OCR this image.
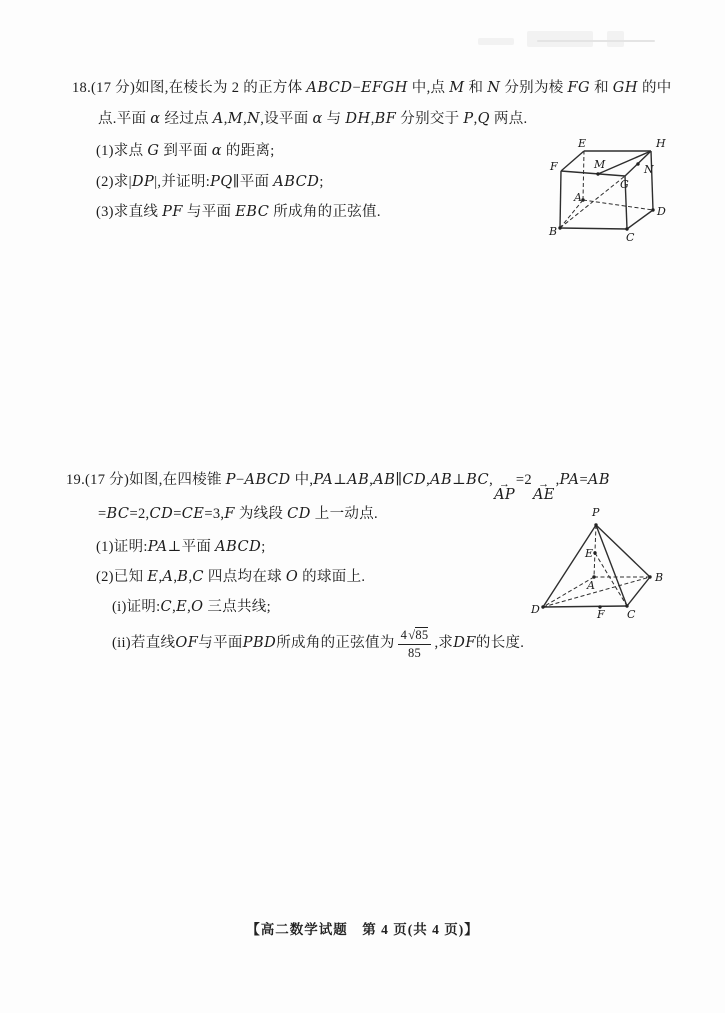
18.(17 分)如图,在棱长为 2 的正方体 ABCD−EFGH 中,点 M 和 N 分别为棱 FG 和 GH 的中
点.平面 α 经过点 A,M,N,设平面 α 与 DH,BF 分别交于 P,Q 两点.
(1)求点 G 到平面 α 的距离;
(2)求|DP|,并证明:PQ∥平面 ABCD;
(3)求直线 PF 与平面 EBC 所成角的正弦值.
E	H
F
G
M	N
A
B	C
D
19.(17 分)如图,在四棱锥 P−ABCD 中,PA⊥AB,AB∥CD,AB⊥BC, →
AP
=2 →
AE
,PA=AB
=BC=2,CD=CE=3,F 为线段 CD 上一动点.
(1)证明:PA⊥平面 ABCD;
(2)已知 E,A,B,C 四点均在球 O 的球面上.
(i)证明:C,E,O 三点共线;
(ii)若直线 OF 与平面 PBD 所成角的正弦值为 $\frac{4√85}{85}$ ,求 DF 的长度.
P
E
A
B
C
D	F
【高二数学试题　第 4 页(共 4 页)】
